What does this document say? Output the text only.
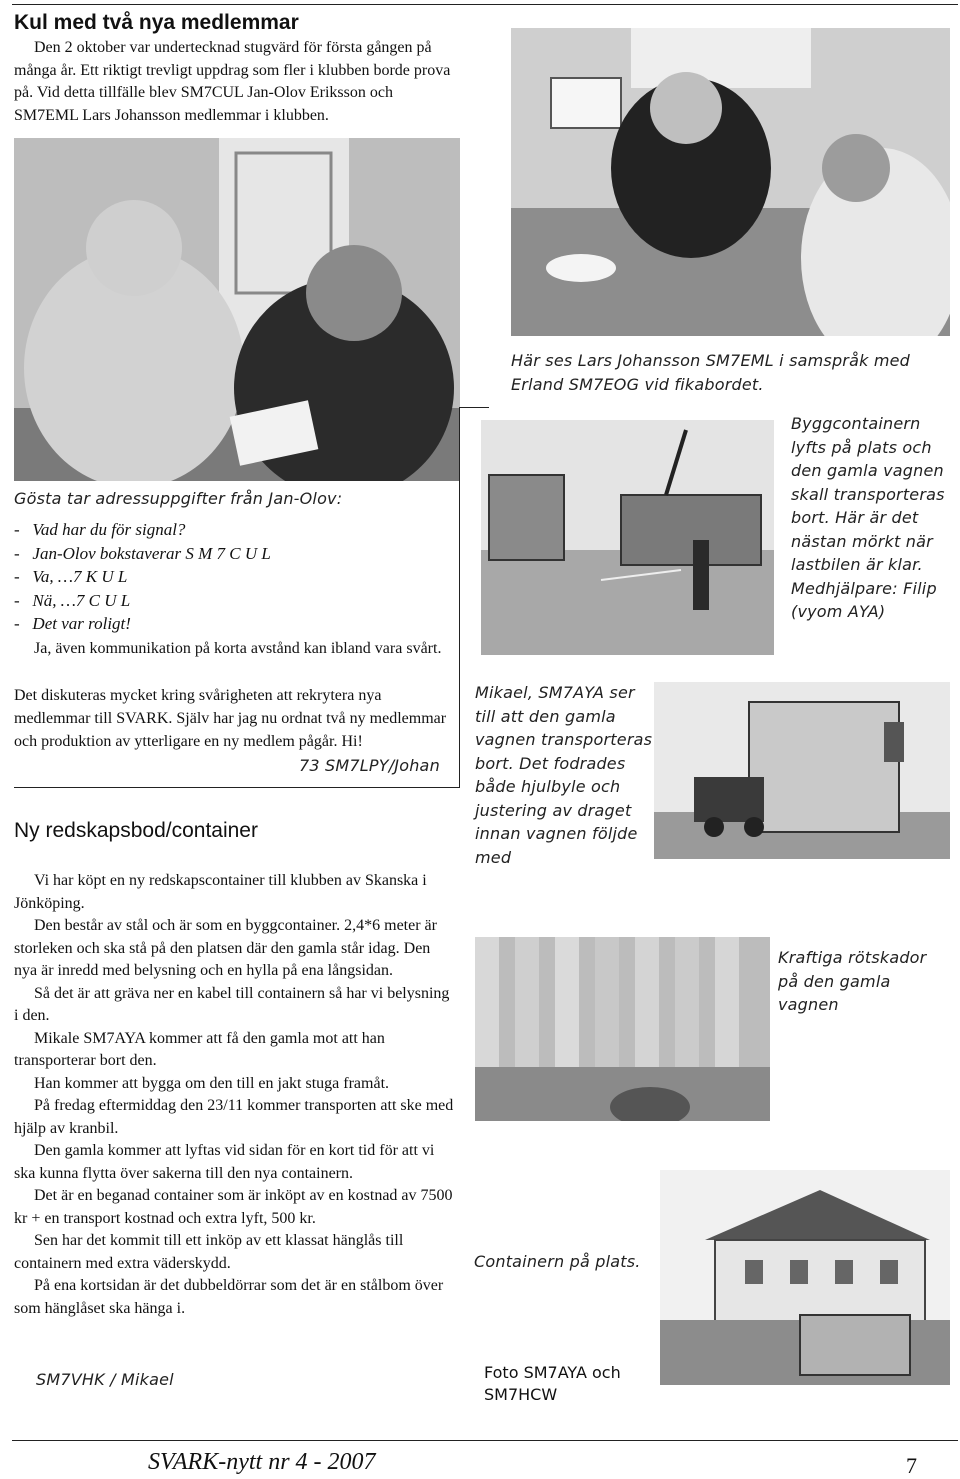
Kul med två nya medlemmar

Den 2 oktober var undertecknad stugvärd för första gången på många år. Ett riktigt trevligt uppdrag som fler i klubben borde prova på. Vid detta tillfälle blev SM7CUL Jan-Olov Eriksson och SM7EML Lars Johansson medlemmar i klubben.

Gösta tar adressuppgifter från Jan-Olov:
-   Vad har du för signal?
-   Jan-Olov bokstaverar S M 7 C U L
-   Va, …7 K U L
-   Nä, …7 C U L
-   Det var roligt!

Ja, även kommunikation på korta avstånd kan ibland vara svårt.

Det diskuteras mycket kring svårigheten att rekrytera nya medlemmar till SVARK. Själv har jag nu ordnat två ny medlemmar och produktion av ytterligare en ny medlem pågår. Hi!

73 SM7LPY/Johan
Här ses Lars Johansson SM7EML i samspråk med Erland SM7EOG vid fikabordet.
Ny redskapsbod/container

Vi har köpt en ny redskapscontainer till klubben av Skanska i Jönköping.

Den består av stål och är som en byggcontainer. 2,4*6 meter är storleken och ska stå på den platsen där den gamla står idag. Den nya är inredd med belysning och en hylla på ena långsidan.

Så det är att gräva ner en kabel till containern så har vi belysning i den.

Mikale SM7AYA kommer att få den gamla mot att han transporterar bort den.

Han kommer att bygga om den till en jakt stuga framåt.

På fredag eftermiddag den 23/11 kommer transporten att ske med hjälp av kranbil.

Den gamla kommer att lyftas vid sidan för en kort tid för att vi ska kunna flytta över sakerna till den nya containern.

Det är en beganad container som är inköpt av en kostnad av 7500 kr + en transport kostnad och extra lyft, 500 kr.

Sen har det kommit till ett inköp av ett klassat hänglås till containern med extra väderskydd.

På ena kortsidan är det dubbeldörrar som det är en stålbom över som hänglåset ska hänga i.

SM7VHK / Mikael
Byggcontainern lyfts på plats och den gamla vagnen skall transporteras bort. Här är det nästan mörkt när lastbilen är klar. Medhjälpare: Filip (vyom AYA)
Mikael, SM7AYA ser till att den gamla vagnen transporteras bort. Det fodrades både hjulbyle och justering av draget innan vagnen följde med
Kraftiga rötskador på den gamla vagnen
Containern på plats.
Foto SM7AYA och SM7HCW
SVARK-nytt nr 4 - 2007	7
